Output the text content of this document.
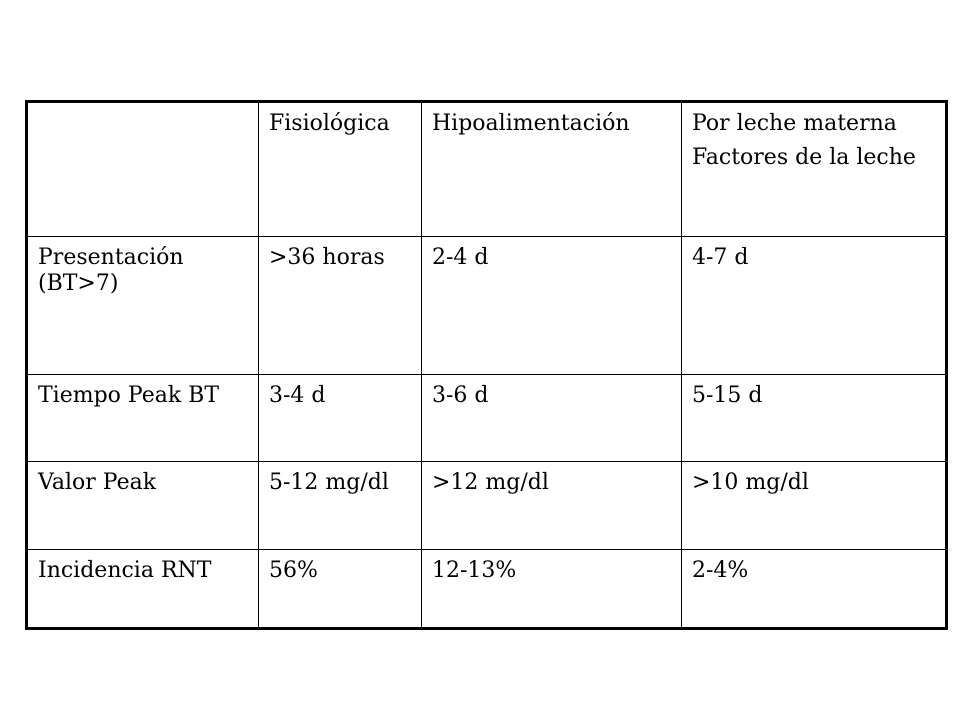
	Fisiológica	Hipoalimentación	Por leche materna
Factores de la leche

Presentación (BT>7)	>36 horas	2-4 d	4-7 d
Tiempo Peak BT	3-4 d	3-6 d	5-15 d
Valor Peak	5-12 mg/dl	>12 mg/dl	>10 mg/dl
Incidencia RNT	56%	12-13%	2-4%
